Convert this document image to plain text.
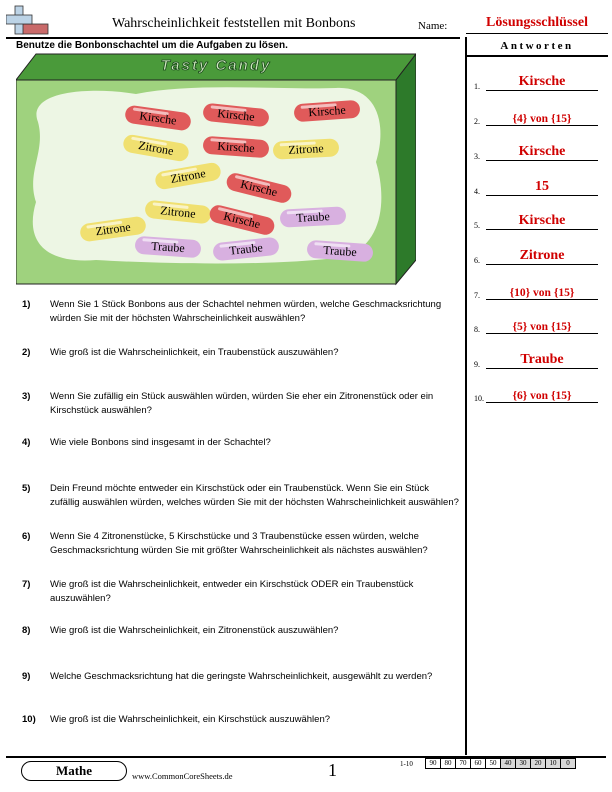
Wahrscheinlichkeit feststellen mit Bonbons	Name:	Lösungsschlüssel
Benutze die Bonbonschachtel um die Aufgaben zu lösen.
Tasty Candy
Kirsche	Kirsche	Kirsche
Zitrone	Kirsche	Zitrone
Zitrone
Kirsche
Zitrone Kirsche	Traube
Zitrone
Traube	Traube	Traube
1)	Wenn Sie 1 Stück Bonbons aus der Schachtel nehmen würden, welche Geschmacksrichtung würden Sie mit der höchsten Wahrscheinlichkeit auswählen?
2)	Wie groß ist die Wahrscheinlichkeit, ein Traubenstück auszuwählen?
3)	Wenn Sie zufällig ein Stück auswählen würden, würden Sie eher ein Zitronenstück oder ein Kirschstück auswählen?
4)	Wie viele Bonbons sind insgesamt in der Schachtel?
5)	Dein Freund möchte entweder ein Kirschstück oder ein Traubenstück. Wenn Sie ein Stück zufällig auswählen würden, welches würden Sie mit der höchsten Wahrscheinlichkeit auswählen?
6)	Wenn Sie 4 Zitronenstücke, 5 Kirschstücke und 3 Traubenstücke essen würden, welche Geschmacksrichtung würden Sie mit größter Wahrscheinlichkeit als nächstes auswählen?
7)	Wie groß ist die Wahrscheinlichkeit, entweder ein Kirschstück ODER ein Traubenstück auszuwählen?
8)	Wie groß ist die Wahrscheinlichkeit, ein Zitronenstück auszuwählen?
9)	Welche Geschmacksrichtung hat die geringste Wahrscheinlichkeit, ausgewählt zu werden?
10)	Wie groß ist die Wahrscheinlichkeit, ein Kirschstück auszuwählen?
Antworten
1.	Kirsche
2.	{4} von {15}
3.	Kirsche
4.	15
5.	Kirsche
6.	Zitrone
7.	{10} von {15}
8.	{5} von {15}
9.	Traube
10.	{6} von {15}
Mathe	www.CommonCoreSheets.de	1	1-10	90	80	70	60	50	40	30	20	10	0
